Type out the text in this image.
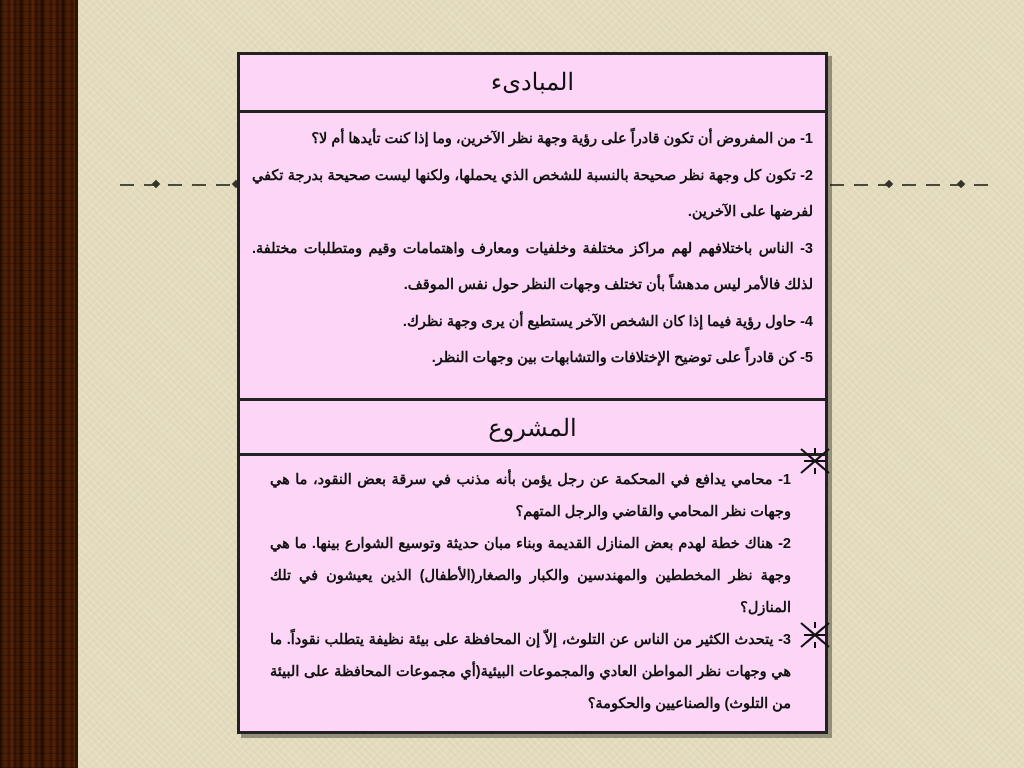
المبادىء

1- من المفروض أن تكون قادراً على رؤية وجهة نظر الآخرين، وما إذا كنت تأيدها أم لا؟

2- تكون كل وجهة نظر صحيحة بالنسبة للشخص الذي يحملها، ولكنها ليست صحيحة بدرجة تكفي لفرضها على الآخرين.

3- الناس باختلافهم لهم مراكز مختلفة وخلفيات ومعارف واهتمامات وقيم ومتطلبات مختلفة. لذلك فالأمر ليس مدهشاً بأن تختلف وجهات النظر حول نفس الموقف.

4- حاول رؤية فيما إذا كان الشخص الآخر يستطيع أن يرى وجهة نظرك.

5- كن قادراً على توضيح الإختلافات والتشابهات بين وجهات النظر.

المشروع

1- محامي يدافع في المحكمة عن رجل يؤمن بأنه مذنب في سرقة بعض النقود، ما هي وجهات نظر المحامي والقاضي والرجل المتهم؟

2- هناك خطة لهدم بعض المنازل القديمة وبناء مبان حديثة وتوسيع الشوارع بينها. ما هي وجهة نظر المخططين والمهندسين والكبار والصغار(الأطفال) الذين يعيشون في تلك المنازل؟

3- يتحدث الكثير من الناس عن التلوث، إلاّ إن المحافظة على بيئة نظيفة يتطلب نقوداً. ما هي وجهات نظر المواطن العادي والمجموعات البيئية(أي مجموعات المحافظة على البيئة من التلوث) والصناعيين والحكومة؟
